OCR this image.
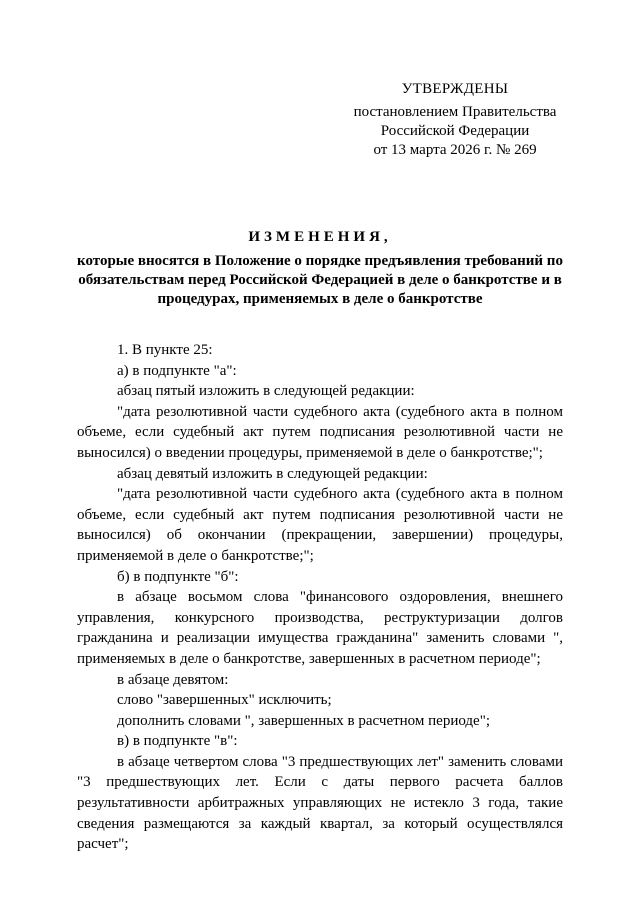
УТВЕРЖДЕНЫ
постановлением Правительства
Российской Федерации
от 13 марта 2026 г. № 269
ИЗМЕНЕНИЯ,
которые вносятся в Положение о порядке предъявления требований по обязательствам перед Российской Федерацией в деле о банкротстве и в процедурах, применяемых в деле о банкротстве

1. В пункте 25:

а) в подпункте "а":

абзац пятый изложить в следующей редакции:

"дата резолютивной части судебного акта (судебного акта в полном объеме, если судебный акт путем подписания резолютивной части не выносился) о введении процедуры, применяемой в деле о банкротстве;";

абзац девятый изложить в следующей редакции:

"дата резолютивной части судебного акта (судебного акта в полном объеме, если судебный акт путем подписания резолютивной части не выносился) об окончании (прекращении, завершении) процедуры, применяемой в деле о банкротстве;";

б) в подпункте "б":

в абзаце восьмом слова "финансового оздоровления, внешнего управления, конкурсного производства, реструктуризации долгов гражданина и реализации имущества гражданина" заменить словами ", применяемых в деле о банкротстве, завершенных в расчетном периоде";

в абзаце девятом:

слово "завершенных" исключить;

дополнить словами ", завершенных в расчетном периоде";

в) в подпункте "в":

в абзаце четвертом слова "3 предшествующих лет" заменить словами "3 предшествующих лет. Если с даты первого расчета баллов результативности арбитражных управляющих не истекло 3 года, такие сведения размещаются за каждый квартал, за который осуществлялся расчет";
